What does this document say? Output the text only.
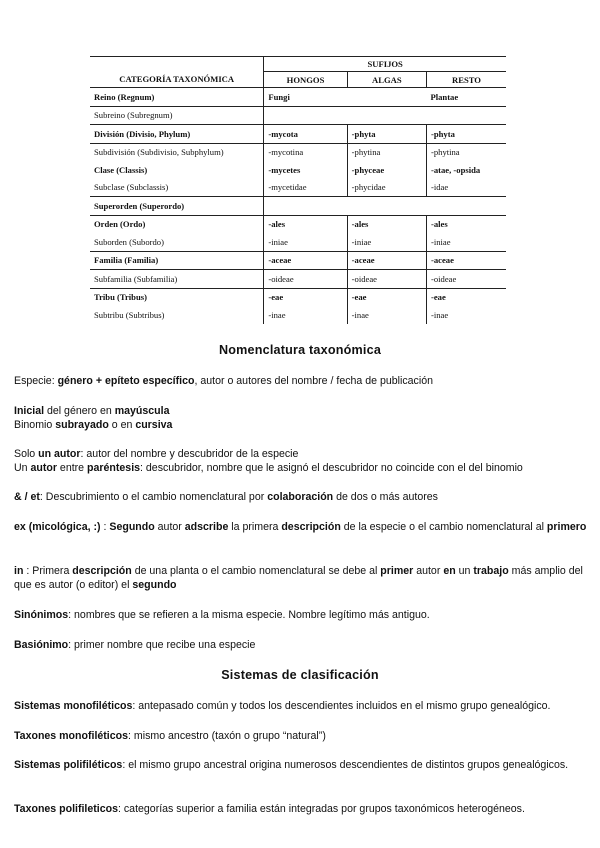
	SUFIJOS		
CATEGORÍA TAXONÓMICA	HONGOS	ALGAS	RESTO
Reino (Regnum)	Fungi		Plantae
Subreino (Subregnum)			
División (Divisio, Phylum)	-mycota	-phyta	-phyta
Subdivisión (Subdivisio, Subphylum)	-mycotina	-phytina	-phytina
Clase (Classis)	-mycetes	-phyceae	-atae, -opsida
Subclase (Subclassis)	-mycetidae	-phycidae	-idae
Superorden (Superordo)			
Orden (Ordo)	-ales	-ales	-ales
Suborden (Subordo)	-iniae	-iniae	-iniae
Familia (Familia)	-aceae	-aceae	-aceae
Subfamilia (Subfamilia)	-oideae	-oideae	-oideae
Tribu (Tribus)	-eae	-eae	-eae
Subtribu (Subtribus)	-inae	-inae	-inae
Nomenclatura taxonómica
Especie: género + epíteto específico, autor o autores del nombre / fecha de publicación
Inicial del género en mayúscula
Binomio subrayado o en cursiva
Solo un autor: autor del nombre y descubridor de la especie
Un autor entre paréntesis: descubridor, nombre que le asignó el descubridor no coincide con el del binomio
& / et: Descubrimiento o el cambio nomenclatural por colaboración de dos o más autores
ex (micológica, :) : Segundo autor adscribe la primera descripción de la especie o el cambio nomenclatural al primero
in : Primera descripción de una planta o el cambio nomenclatural se debe al primer autor en un trabajo más amplio del que es autor (o editor) el segundo
Sinónimos: nombres que se refieren a la misma especie. Nombre legítimo más antiguo.
Basiónimo: primer nombre que recibe una especie
Sistemas de clasificación
Sistemas monofiléticos: antepasado común y todos los descendientes incluidos en el mismo grupo genealógico.
Taxones monofiléticos: mismo ancestro (taxón o grupo “natural”)
Sistemas polifiléticos: el mismo grupo ancestral origina numerosos descendientes de distintos grupos genealógicos.
Taxones polifileticos: categorías superior a familia están integradas por grupos taxonómicos heterogéneos.
